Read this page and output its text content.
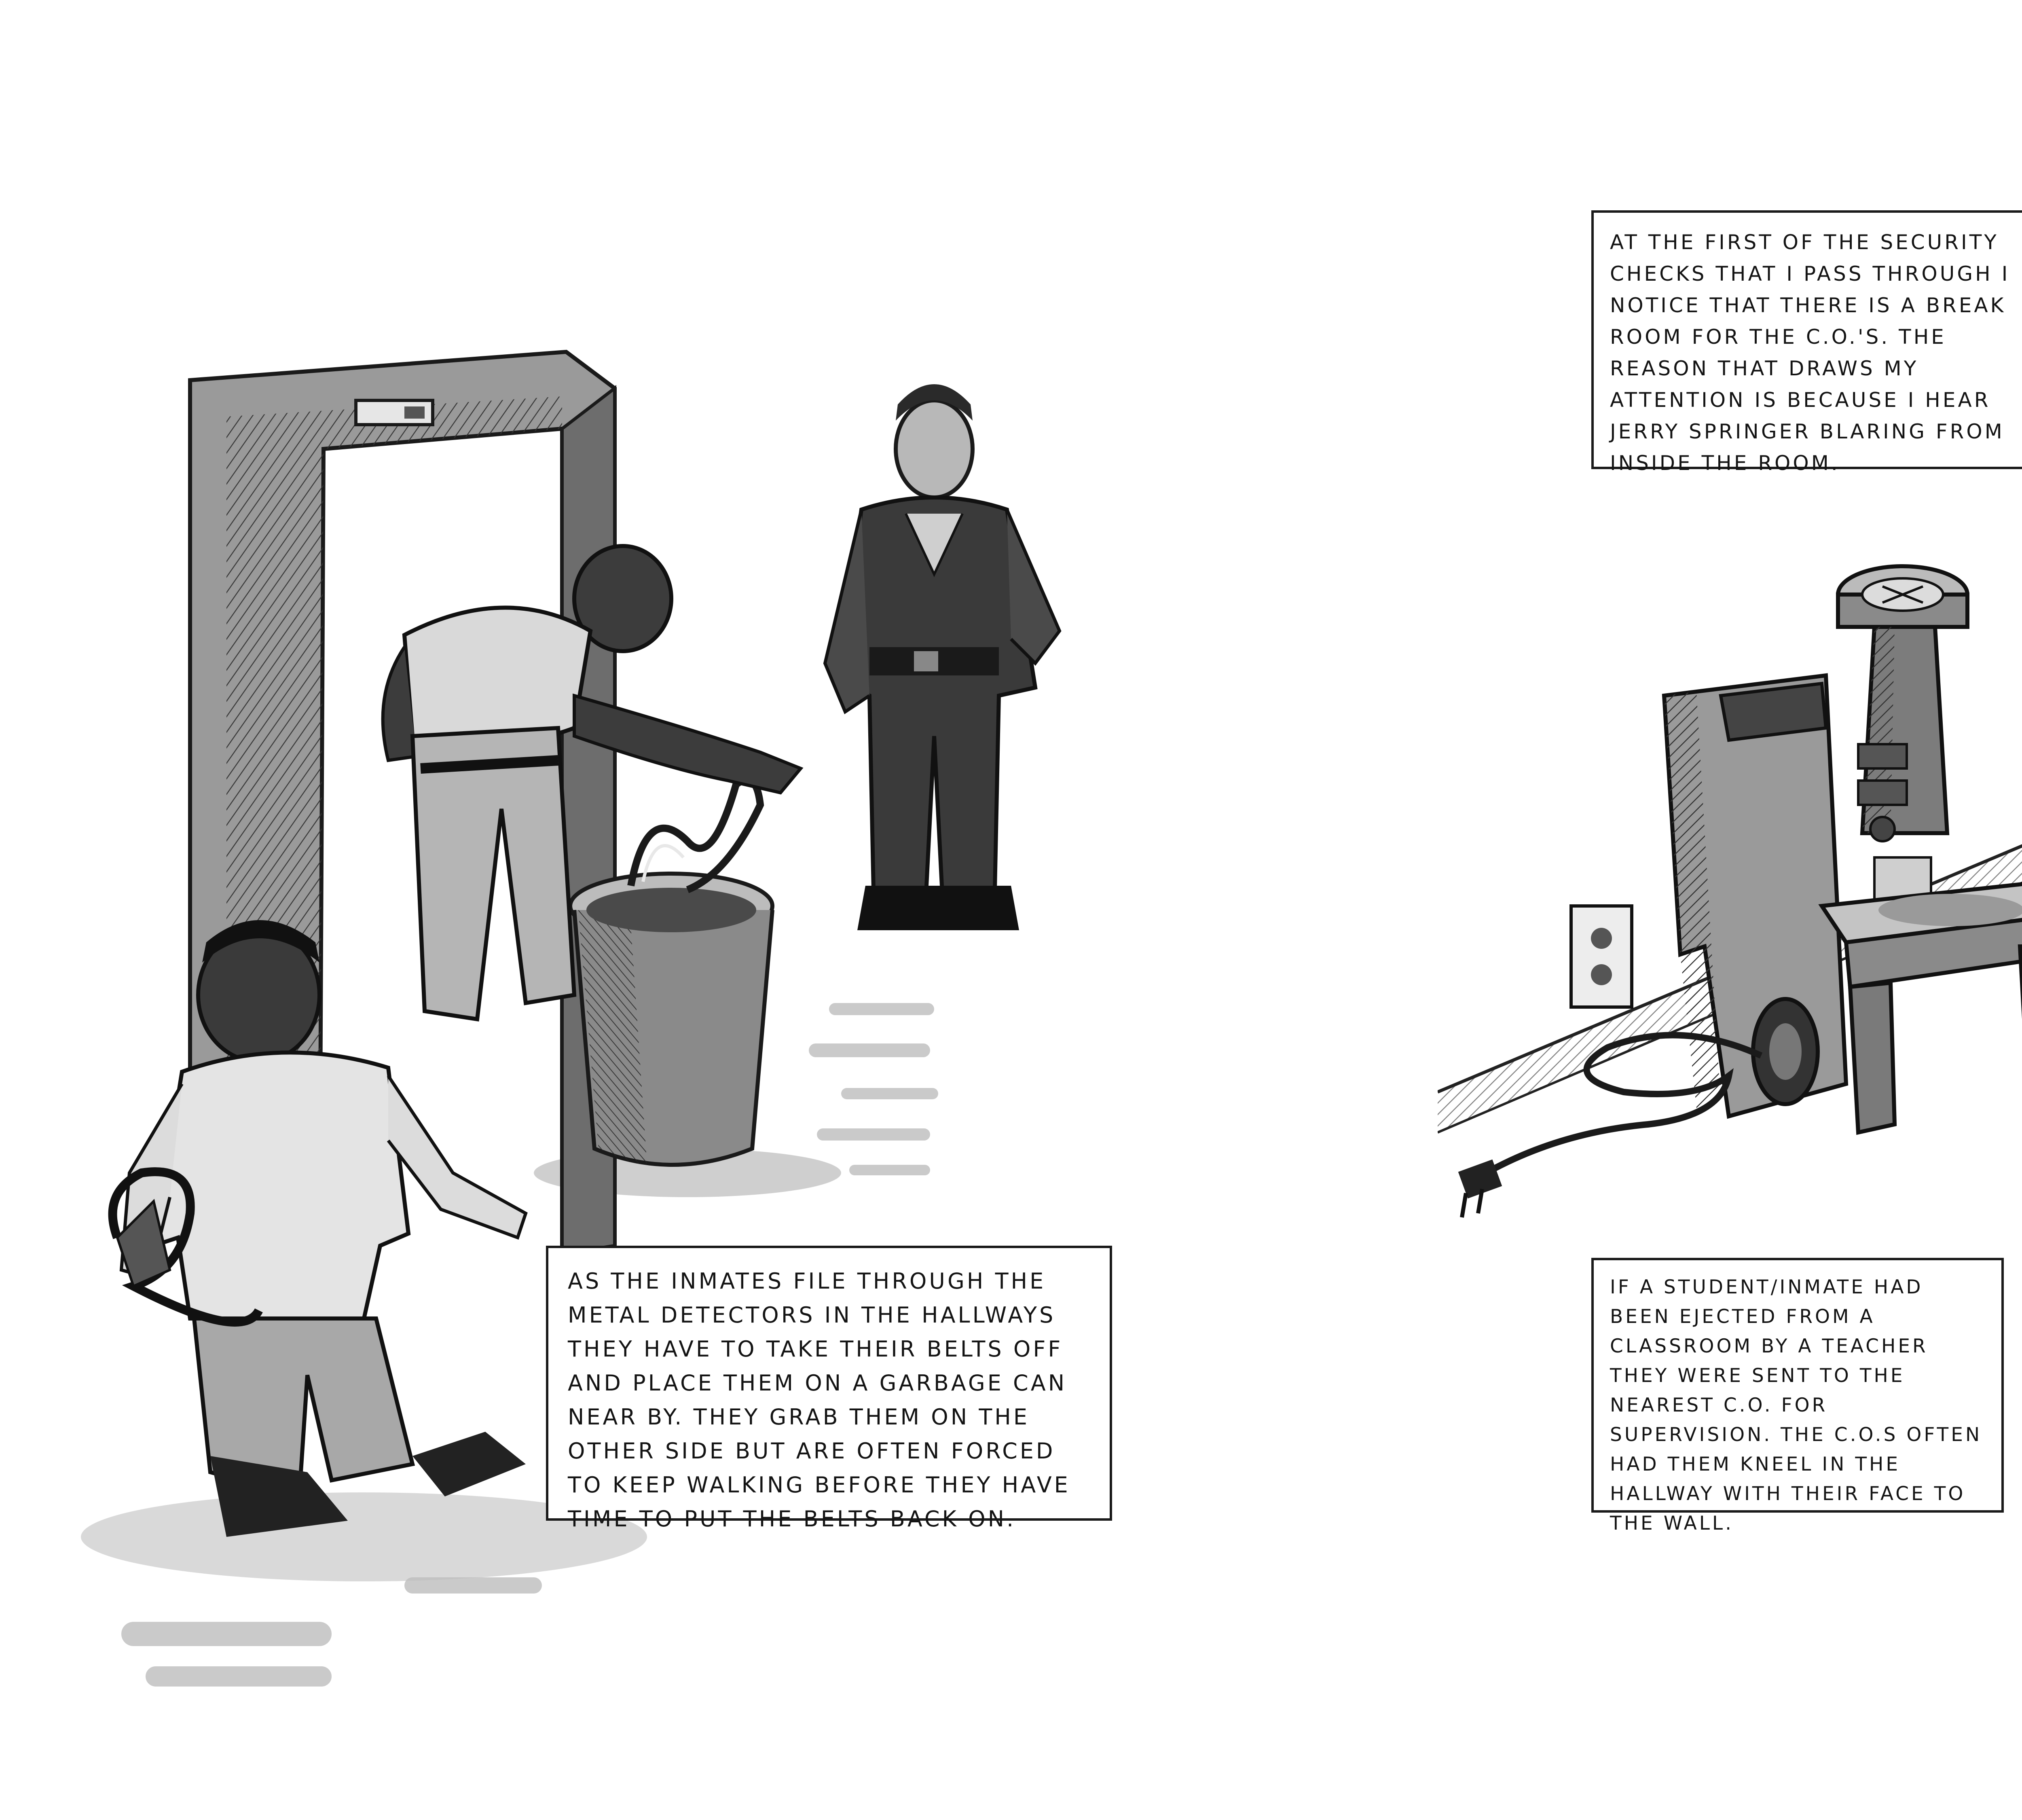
AS THE INMATES FILE THROUGH THE METAL DETECTORS IN THE HALLWAYS THEY HAVE TO TAKE THEIR BELTS OFF AND PLACE THEM ON A GARBAGE CAN NEAR BY. THEY GRAB THEM ON THE OTHER SIDE BUT ARE OFTEN FORCED TO KEEP WALKING BEFORE THEY HAVE TIME TO PUT THE BELTS BACK ON.

AT THE FIRST OF THE SECURITY CHECKS THAT I PASS THROUGH I NOTICE THAT THERE IS A BREAK ROOM FOR THE C.O.'S. THE REASON THAT DRAWS MY ATTENTION IS BECAUSE I HEAR JERRY SPRINGER BLARING FROM INSIDE THE ROOM.

IF A STUDENT/INMATE HAD BEEN EJECTED FROM A CLASSROOM BY A TEACHER THEY WERE SENT TO THE NEAREST C.O. FOR SUPERVISION. THE C.O.S OFTEN HAD THEM KNEEL IN THE HALLWAY WITH THEIR FACE TO THE WALL.
